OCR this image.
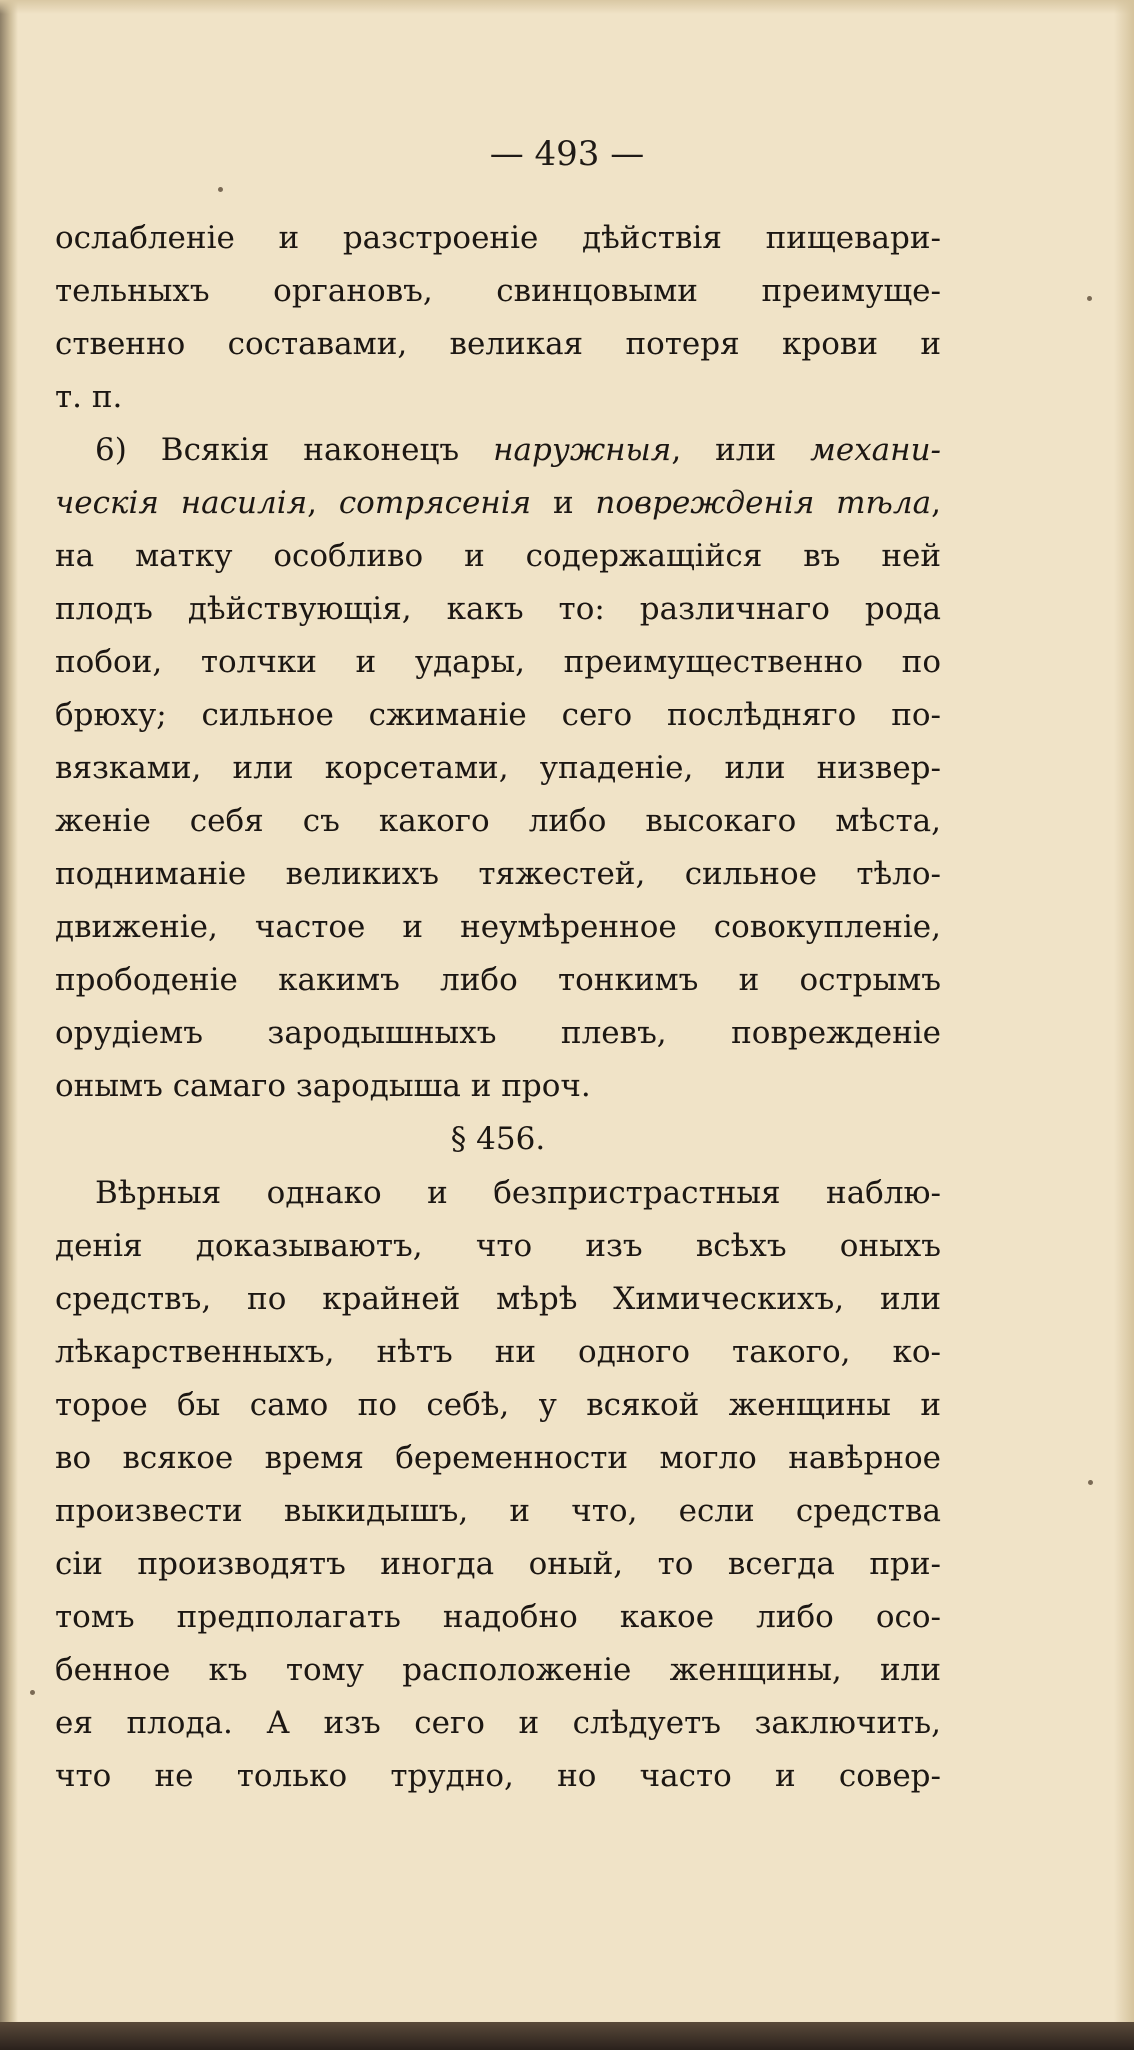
— 493 —
ослабленіе и разстроеніе дѣйствія пищевари-
тельныхъ органовъ, свинцовыми преимуще-
ственно составами, великая потеря крови и
т. п.
6) Всякія наконецъ наружныя, или механи-
ческія насилія, сотрясенія и поврежденія тѣла,
на матку особливо и содержащійся въ ней
плодъ дѣйствующія, какъ то: различнаго рода
побои, толчки и удары, преимущественно по
брюху; сильное сжиманіе сего послѣдняго по-
вязками, или корсетами, упаденіе, или низвер-
женіе себя съ какого либо высокаго мѣста,
подниманіе великихъ тяжестей, сильное тѣло-
движеніе, частое и неумѣренное совокупленіе,
прободеніе какимъ либо тонкимъ и острымъ
орудіемъ зародышныхъ плевъ, поврежденіе
онымъ самаго зародыша и проч.
§ 456.
Вѣрныя однако и безпристрастныя наблю-
денія доказываютъ, что изъ всѣхъ оныхъ
средствъ, по крайней мѣрѣ Химическихъ, или
лѣкарственныхъ, нѣтъ ни одного такого, ко-
торое бы само по себѣ, у всякой женщины и
во всякое время беременности могло навѣрное
произвести выкидышъ, и что, если средства
сіи производятъ иногда оный, то всегда при-
томъ предполагать надобно какое либо осо-
бенное къ тому расположеніе женщины, или
ея плода. А изъ сего и слѣдуетъ заключить,
что не только трудно, но часто и совер-
